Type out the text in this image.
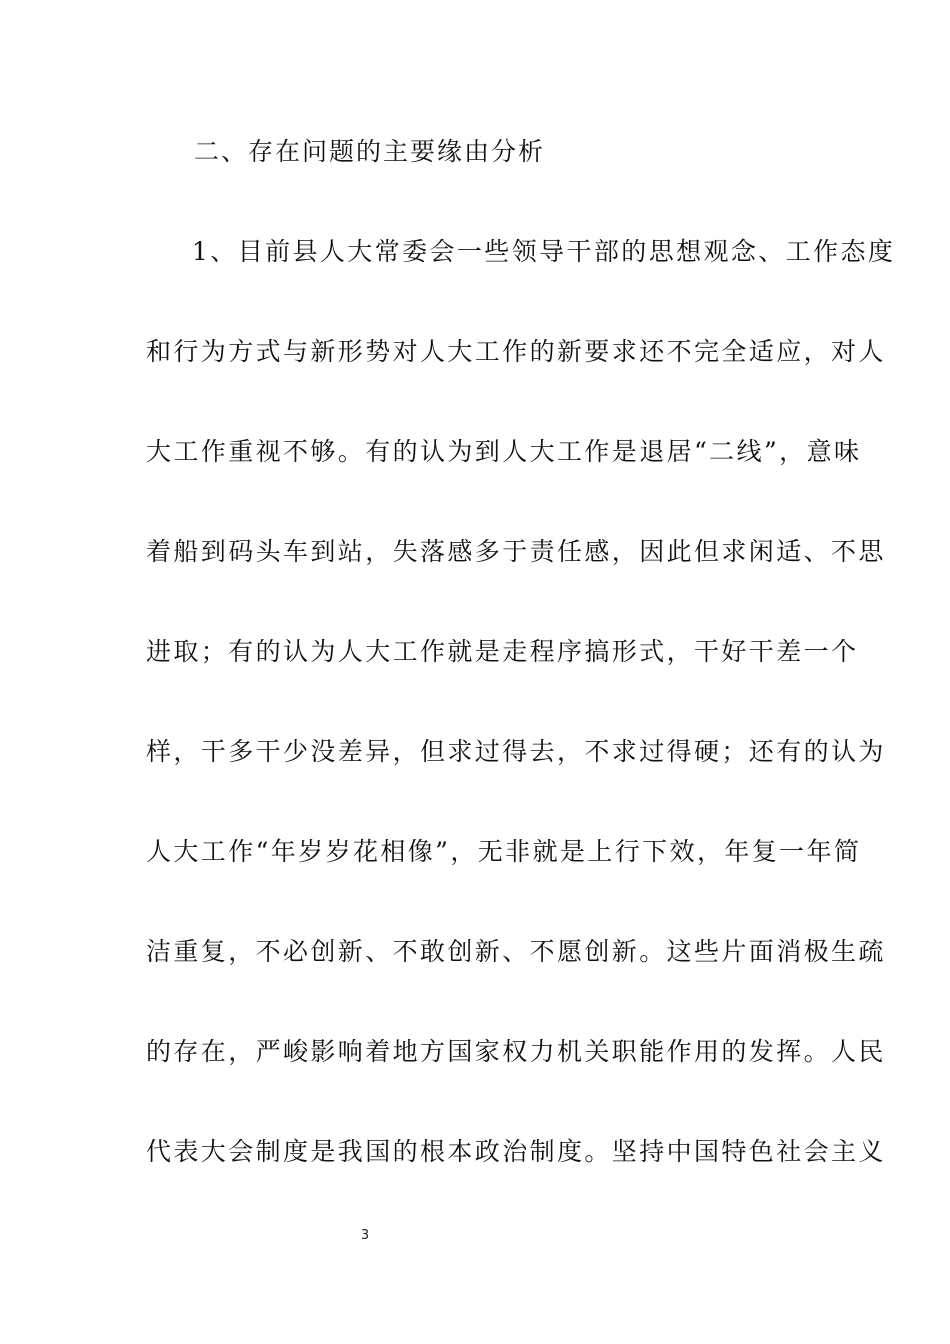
二、存在问题的主要缘由分析
1、目前县人大常委会一些领导干部的思想观念、工作态度
和行为方式与新形势对人大工作的新要求还不完全适应，对人
大工作重视不够。有的认为到人大工作是退居“二线”，意味
着船到码头车到站，失落感多于责任感，因此但求闲适、不思
进取；有的认为人大工作就是走程序搞形式，干好干差一个
样，干多干少没差异，但求过得去，不求过得硬；还有的认为
人大工作“年岁岁花相像”，无非就是上行下效，年复一年简
洁重复，不必创新、不敢创新、不愿创新。这些片面消极生疏
的存在，严峻影响着地方国家权力机关职能作用的发挥。人民
代表大会制度是我国的根本政治制度。坚持中国特色社会主义
3
